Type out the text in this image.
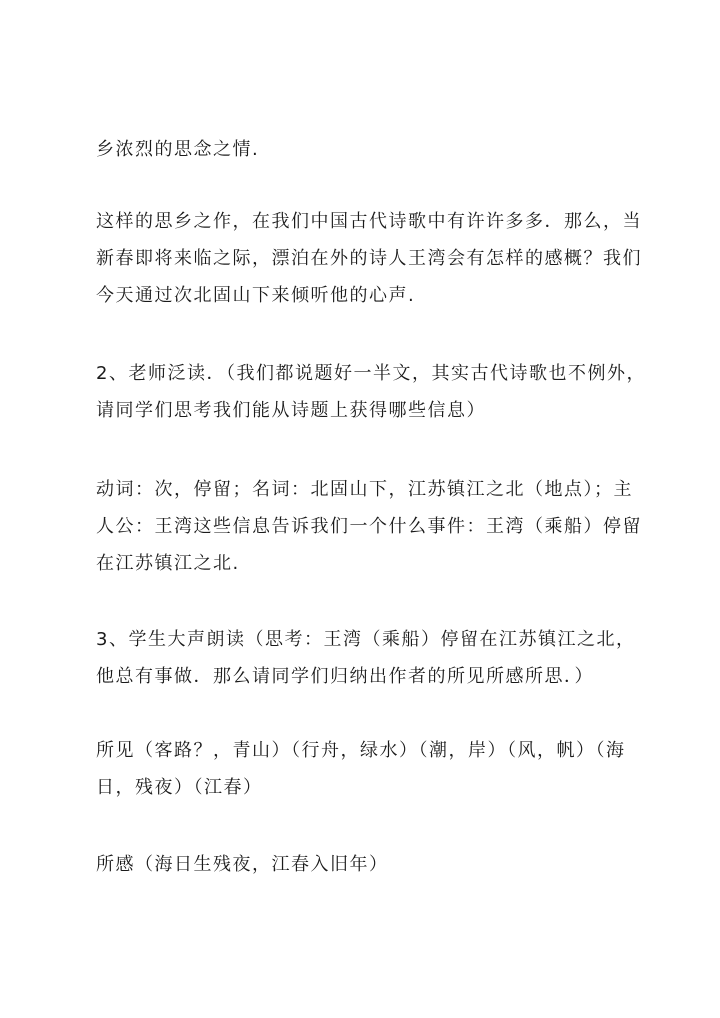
乡浓烈的思念之情.
这样的思乡之作，在我们中国古代诗歌中有许许多多．那么，当
新春即将来临之际，漂泊在外的诗人王湾会有怎样的感概？我们
今天通过次北固山下来倾听他的心声.
2、老师泛读．（我们都说题好一半文，其实古代诗歌也不例外，
请同学们思考我们能从诗题上获得哪些信息）
动词：次，停留；名词：北固山下，江苏镇江之北（地点）；主
人公：王湾这些信息告诉我们一个什么事件：王湾（乘船）停留
在江苏镇江之北.
3、学生大声朗读（思考：王湾（乘船）停留在江苏镇江之北，
他总有事做．那么请同学们归纳出作者的所见所感所思．）
所见（客路？，青山）（行舟，绿水）（潮，岸）（风，帆）（海
日，残夜）（江春）
所感（海日生残夜，江春入旧年）
